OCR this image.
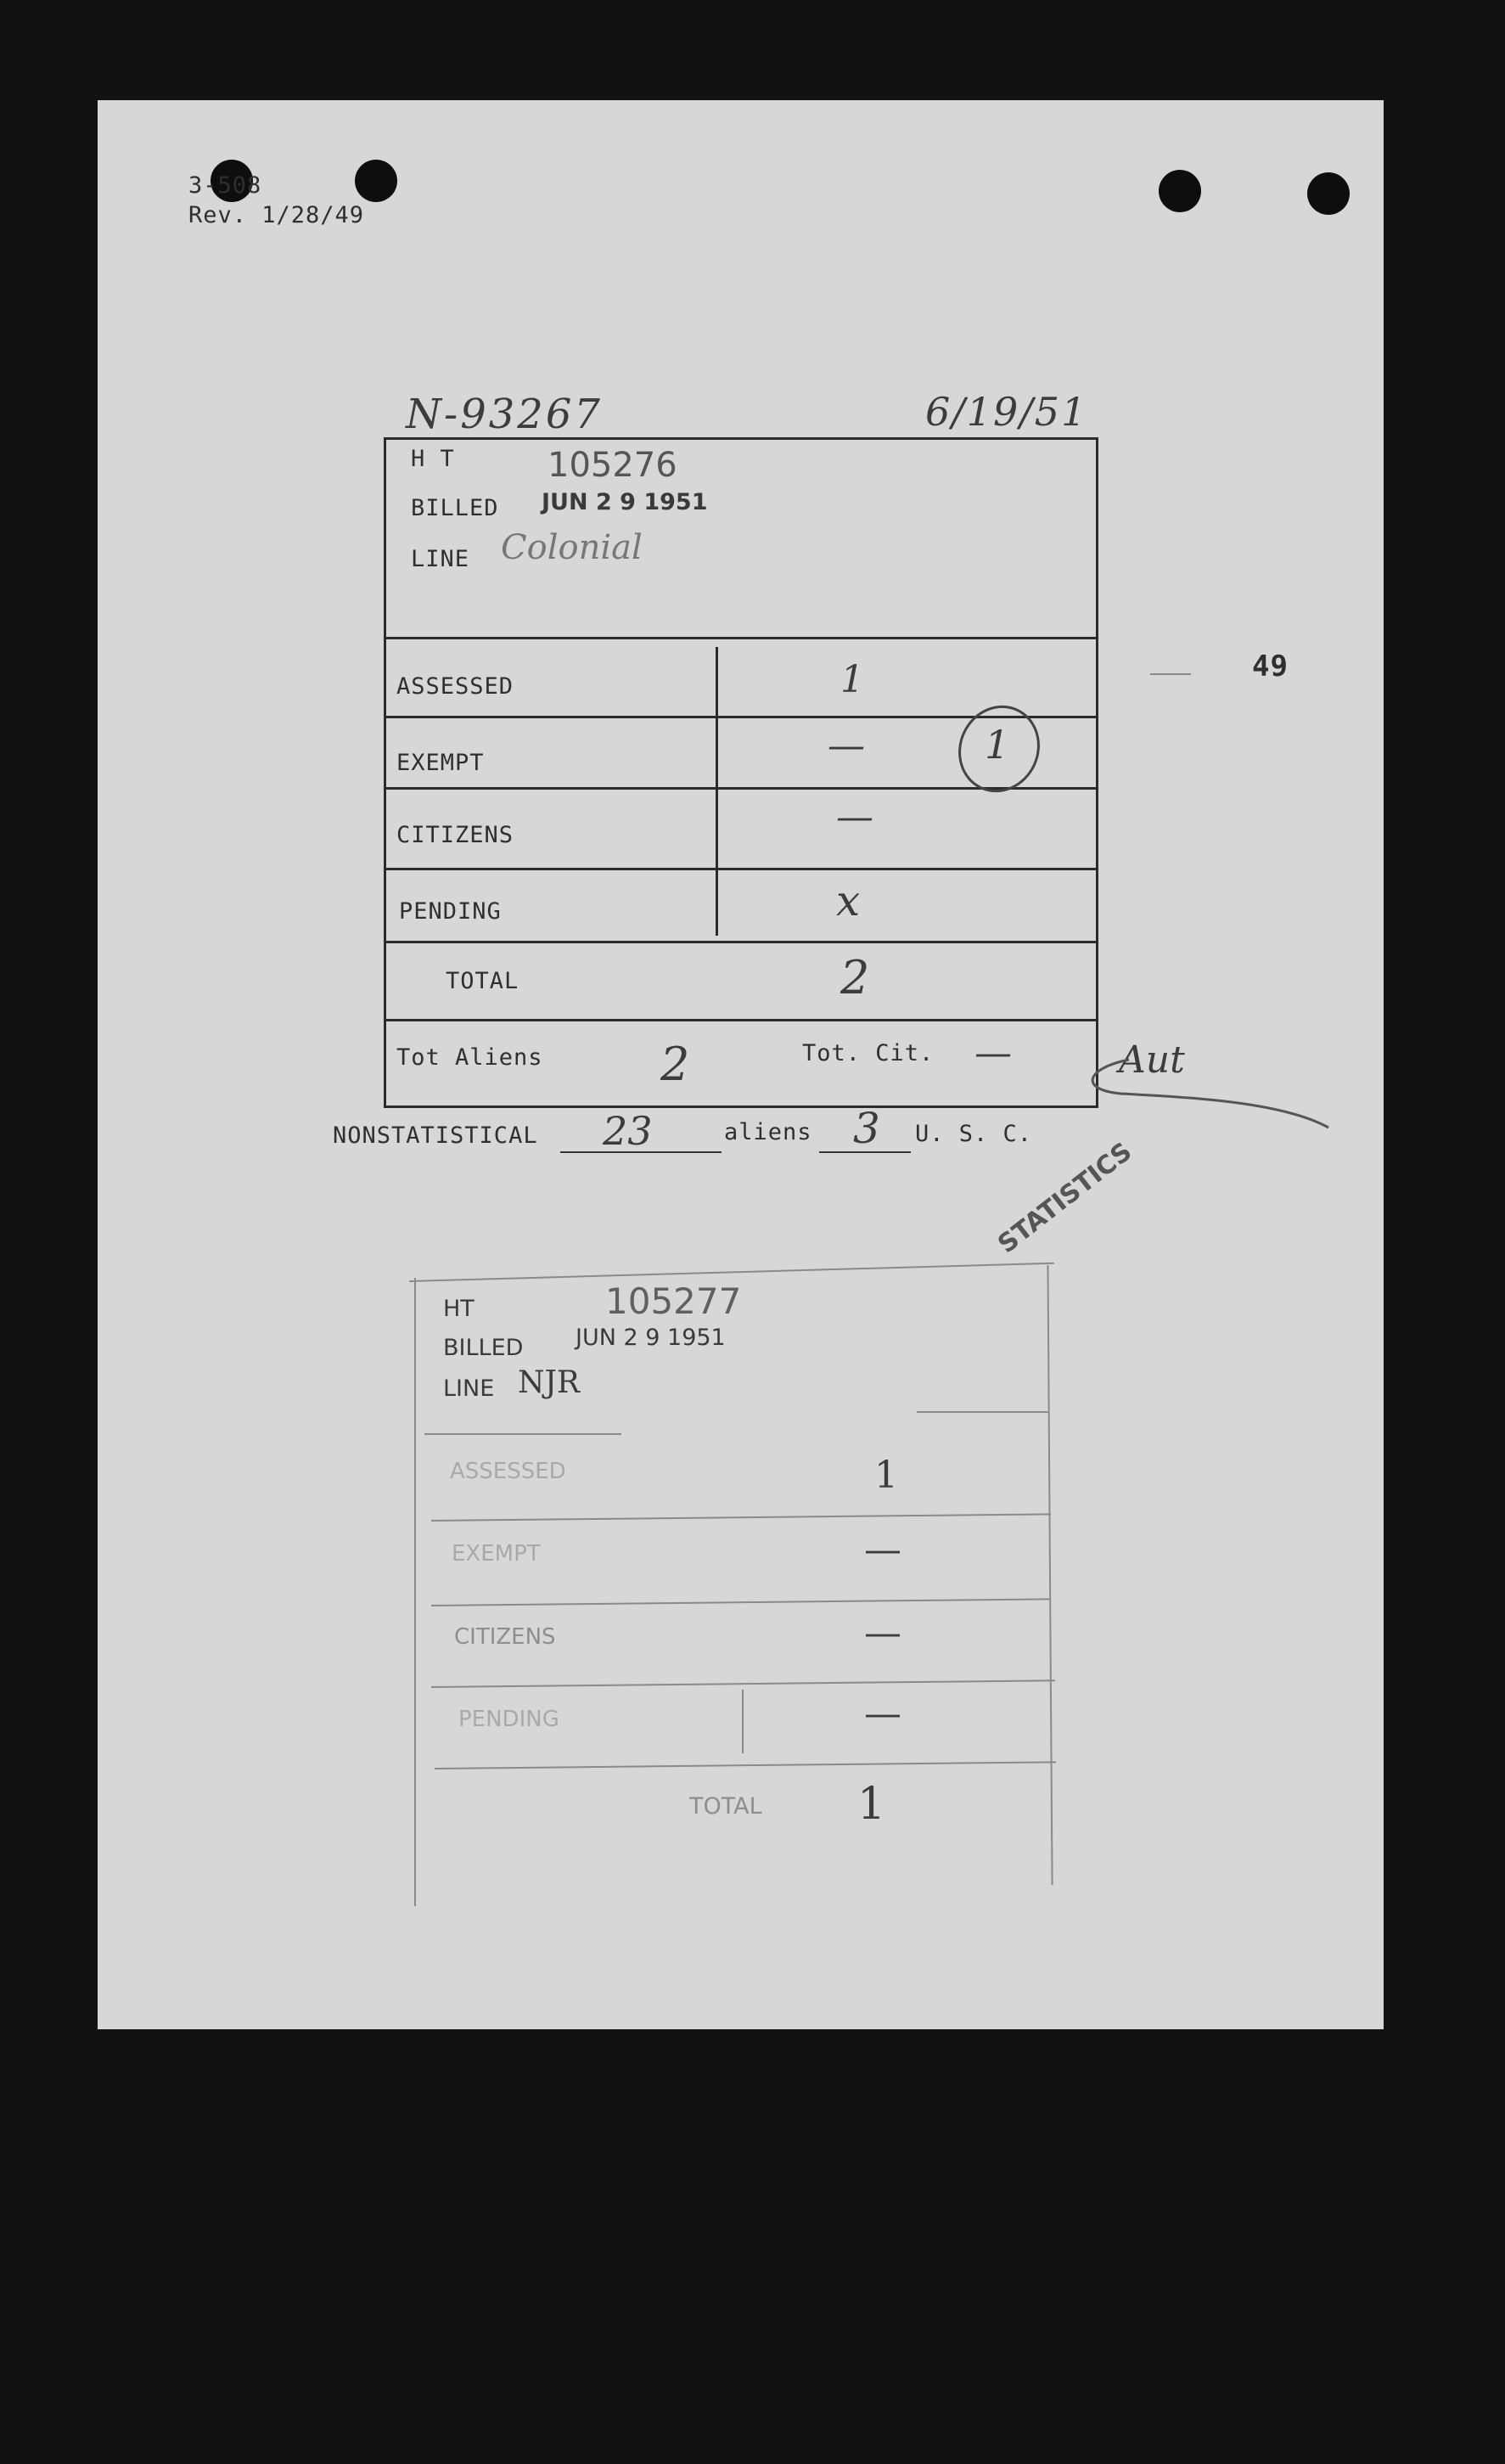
3-508
Rev. 1/28/49
49
N-93267	6/19/51
H T	105276
BILLED JUN 2 9 1951
LINE Colonial
ASSESSED	1
EXEMPT	—	1
CITIZENS	—
PENDING	x
TOTAL	2
Tot Aliens	2	Tot. Cit. —	Aut
NONSTATISTICAL 23	aliens 3 U. S. C.
STATISTICS
HT	105277
BILLED JUN 2 9 1951
LINE NJR
ASSESSED	1
EXEMPT	—
CITIZENS	—
PENDING	—
TOTAL 1
